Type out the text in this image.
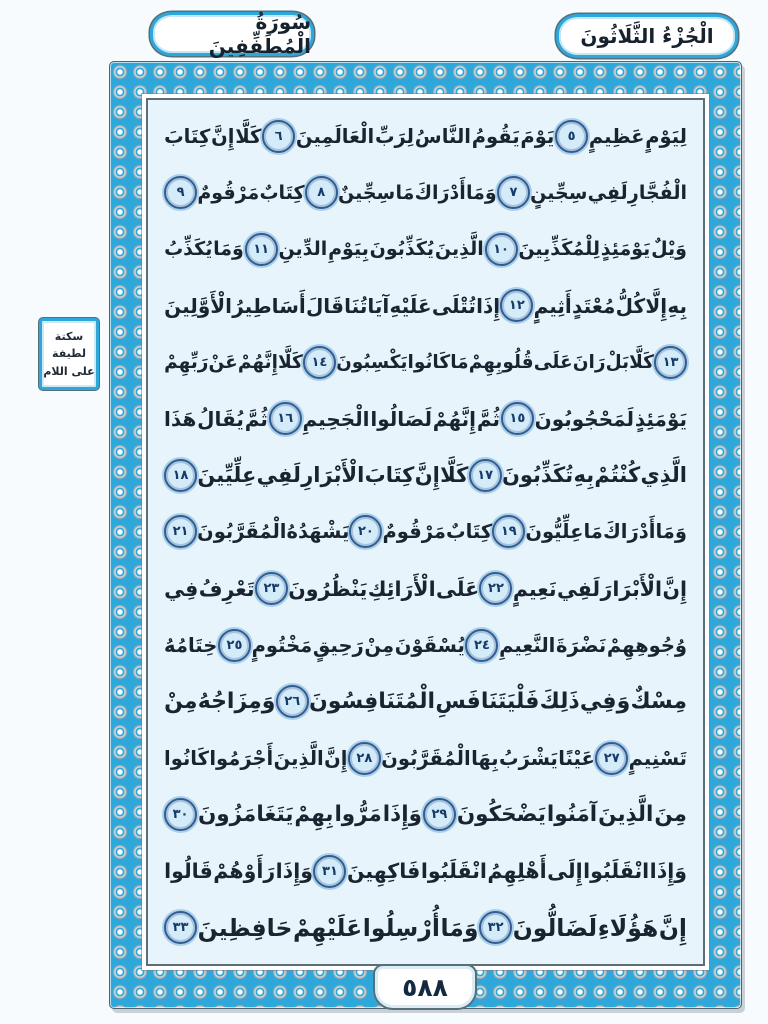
سُورَةُ الْمُطَفِّفِينَ	الْجُزْءُ الثَّلَاثُونَ
لِيَوْمٍ
عَظِيمٍ
٥
يَوْمَ
يَقُومُ
النَّاسُ
لِرَبِّ
الْعَالَمِينَ
٦
كَلَّا
إِنَّ
كِتَابَ
الْفُجَّارِ
لَفِي
سِجِّينٍ
٧
وَمَا
أَدْرَاكَ
مَا
سِجِّينٌ
٨
كِتَابٌ
مَرْقُومٌ
٩
وَيْلٌ
يَوْمَئِذٍ
لِلْمُكَذِّبِينَ
١٠
الَّذِينَ
يُكَذِّبُونَ
بِيَوْمِ
الدِّينِ
١١
وَمَا
يُكَذِّبُ
بِهِ
إِلَّا
كُلُّ
مُعْتَدٍ
أَثِيمٍ
١٢
إِذَا
تُتْلَى
عَلَيْهِ
آيَاتُنَا
قَالَ
أَسَاطِيرُ
الْأَوَّلِينَ
١٣
كَلَّا
بَلْ
رَانَ
عَلَى
قُلُوبِهِمْ
مَا
كَانُوا
يَكْسِبُونَ
١٤
كَلَّا
إِنَّهُمْ
عَنْ
رَبِّهِمْ
يَوْمَئِذٍ
لَمَحْجُوبُونَ
١٥
ثُمَّ
إِنَّهُمْ
لَصَالُوا
الْجَحِيمِ
١٦
ثُمَّ
يُقَالُ
هَذَا
الَّذِي
كُنْتُمْ
بِهِ
تُكَذِّبُونَ
١٧
كَلَّا
إِنَّ
كِتَابَ
الْأَبْرَارِ
لَفِي
عِلِّيِّينَ
١٨
وَمَا
أَدْرَاكَ
مَا
عِلِّيُّونَ
١٩
كِتَابٌ
مَرْقُومٌ
٢٠
يَشْهَدُهُ
الْمُقَرَّبُونَ
٢١
إِنَّ
الْأَبْرَارَ
لَفِي
نَعِيمٍ
٢٢
عَلَى
الْأَرَائِكِ
يَنْظُرُونَ
٢٣
تَعْرِفُ
فِي
وُجُوهِهِمْ
نَضْرَةَ
النَّعِيمِ
٢٤
يُسْقَوْنَ
مِنْ
رَحِيقٍ
مَخْتُومٍ
٢٥
خِتَامُهُ
مِسْكٌ
وَفِي
ذَلِكَ
فَلْيَتَنَافَسِ
الْمُتَنَافِسُونَ
٢٦
وَمِزَاجُهُ
مِنْ
تَسْنِيمٍ
٢٧
عَيْنًا
يَشْرَبُ
بِهَا
الْمُقَرَّبُونَ
٢٨
إِنَّ
الَّذِينَ
أَجْرَمُوا
كَانُوا
مِنَ
الَّذِينَ
آمَنُوا
يَضْحَكُونَ
٢٩
وَإِذَا
مَرُّوا
بِهِمْ
يَتَغَامَزُونَ
٣٠
وَإِذَا
انْقَلَبُوا
إِلَى
أَهْلِهِمُ
انْقَلَبُوا
فَاكِهِينَ
٣١
وَإِذَا
رَأَوْهُمْ
قَالُوا
إِنَّ
هَؤُلَاءِ
لَضَالُّونَ
٣٢
وَمَا
أُرْسِلُوا
عَلَيْهِمْ
حَافِظِينَ
٣٣
سكتة لطيفة
على اللام
٥٨٨
